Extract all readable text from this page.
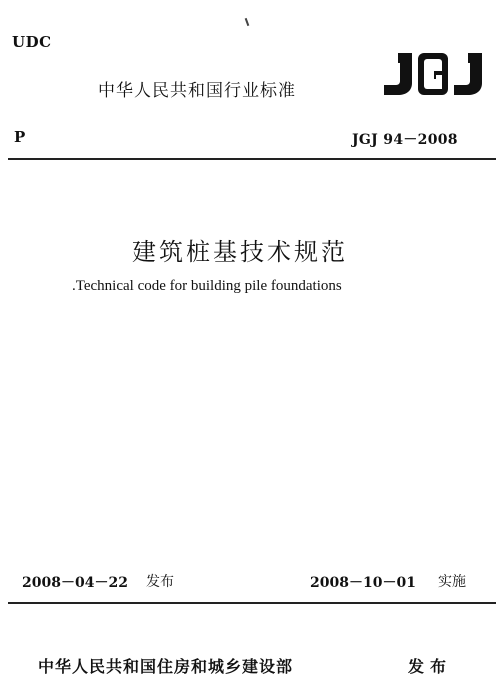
UDC
中华人民共和国行业标准
P	JGJ 94－2008
建筑桩基技术规范
.Technical code for building pile foundations
2008－04－22 发布	2008－10－01 实施
中华人民共和国住房和城乡建设部	发布
